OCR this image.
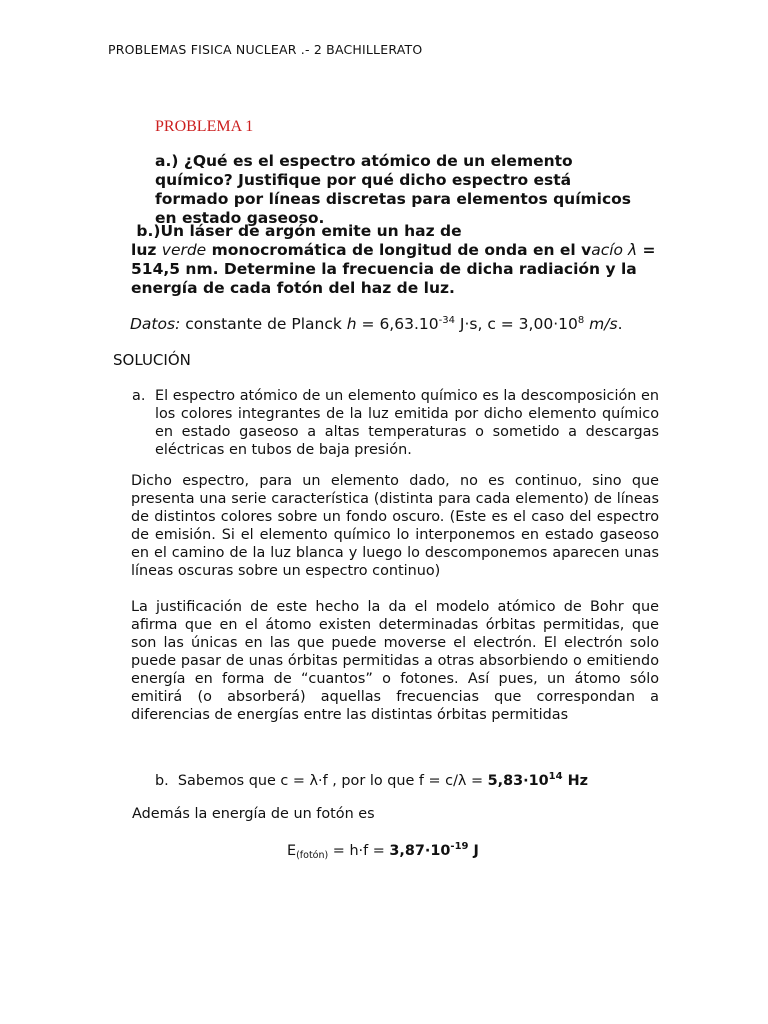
PROBLEMAS FISICA NUCLEAR .- 2 BACHILLERATO
PROBLEMA 1
a.) ¿Qué es el espectro atómico de un elemento químico? Justifique por qué dicho espectro está formado por líneas discretas para elementos químicos en estado gaseoso.
b.)Un láser de argón emite un haz de
luz verde monocromática de longitud de onda en el vacío λ =
514,5 nm. Determine la frecuencia de dicha radiación y la
energía de cada fotón del haz de luz.
Datos: constante de Planck $h = 6,63.10^{-34}$ J·s, $c = 3,00\cdot 10^8$ m/s.
SOLUCIÓN
a. El espectro atómico de un elemento químico es la descomposición en los colores integrantes de la luz emitida por dicho elemento químico en estado gaseoso a altas temperaturas o sometido a descargas eléctricas en tubos de baja presión.
Dicho espectro, para un elemento dado, no es continuo, sino que presenta una serie característica (distinta para cada elemento) de líneas de distintos colores sobre un fondo oscuro. (Este es el caso del espectro de emisión. Si el elemento químico lo interponemos en estado gaseoso en el camino de la luz blanca y luego lo descomponemos aparecen unas líneas oscuras sobre un espectro continuo)
La justificación de este hecho la da el modelo atómico de Bohr que afirma que en el átomo existen determinadas órbitas permitidas, que son las únicas en las que puede moverse el electrón. El electrón solo puede pasar de unas órbitas permitidas a otras absorbiendo o emitiendo energía en forma de “cuantos” o fotones. Así pues, un átomo sólo emitirá (o absorberá) aquellas frecuencias que correspondan a diferencias de energías entre las distintas órbitas permitidas
b. Sabemos que c = λ·f , por lo que $f = c/\lambda = 5,83\cdot 10^{14}$ Hz
Además la energía de un fotón es
$E_{(fotón)} = h\cdot f = 3,87\cdot 10^{-19}$ J
